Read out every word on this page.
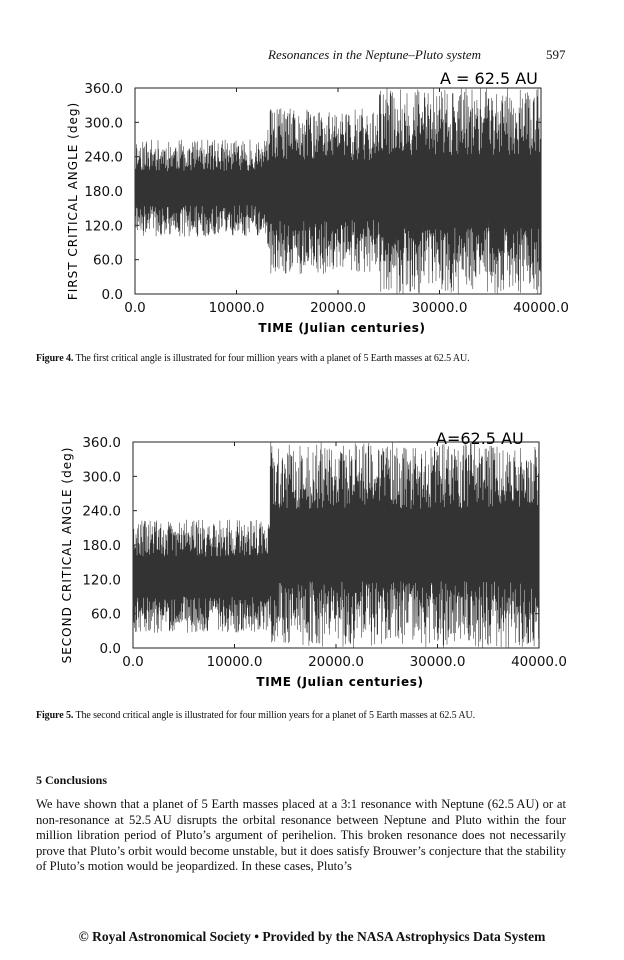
Resonances in the Neptune–Pluto system	597
0.0
60.0
120.0
180.0
240.0
300.0
360.0
0.0	10000.0	20000.0	30000.0	40000.0
TIME (Julian centuries)
FIRST CRITICAL ANGLE (deg)
A = 62.5 AU
Figure 4. The first critical angle is illustrated for four million years with a planet of 5 Earth masses at 62.5 AU.
0.0
60.0
120.0
180.0
240.0
300.0
360.0
0.0	10000.0	20000.0	30000.0	40000.0
TIME (Julian centuries)
SECOND CRITICAL ANGLE (deg)
A=62.5 AU
Figure 5. The second critical angle is illustrated for four million years for a planet of 5 Earth masses at 62.5 AU.
5 Conclusions
We have shown that a planet of 5 Earth masses placed at a 3:1 resonance with Neptune (62.5 AU) or at non-resonance at 52.5 AU disrupts the orbital resonance between Neptune and Pluto within the four million libration period of Pluto’s argument of perihelion. This broken resonance does not necessarily prove that Pluto’s orbit would become unstable, but it does satisfy Brouwer’s conjecture that the stability of Pluto’s motion would be jeopardized. In these cases, Pluto’s
© Royal Astronomical Society • Provided by the NASA Astrophysics Data System
